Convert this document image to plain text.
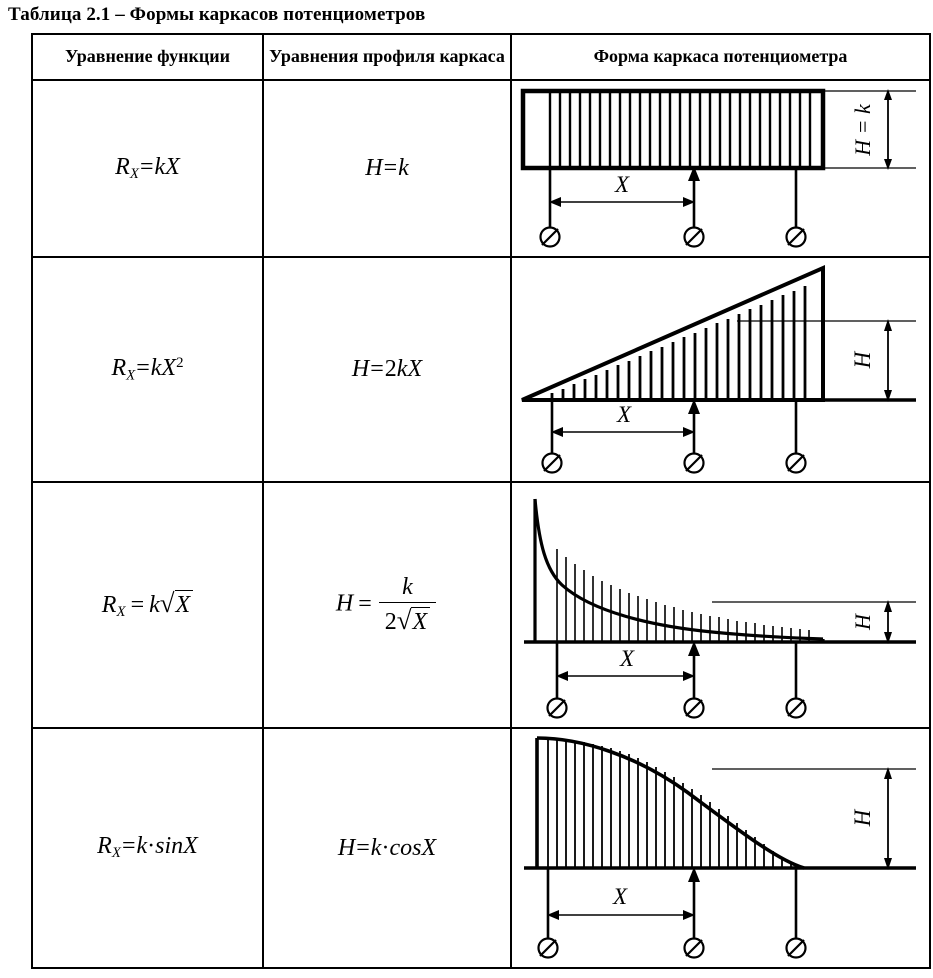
Таблица 2.1 – Формы каркасов потенциометров
Уравнение функции	Уравнения профиля каркаса	Форма каркаса потенциометра
$R_X=kX$	H=k	H = k
X

$R_X=kX^2$	H=2kX	H
X

$R_X = k√X$	$H = \frac{k}{2√X}$	H
X

$R_X=k\cdot\sin X$	H=k·cosX	H
X
